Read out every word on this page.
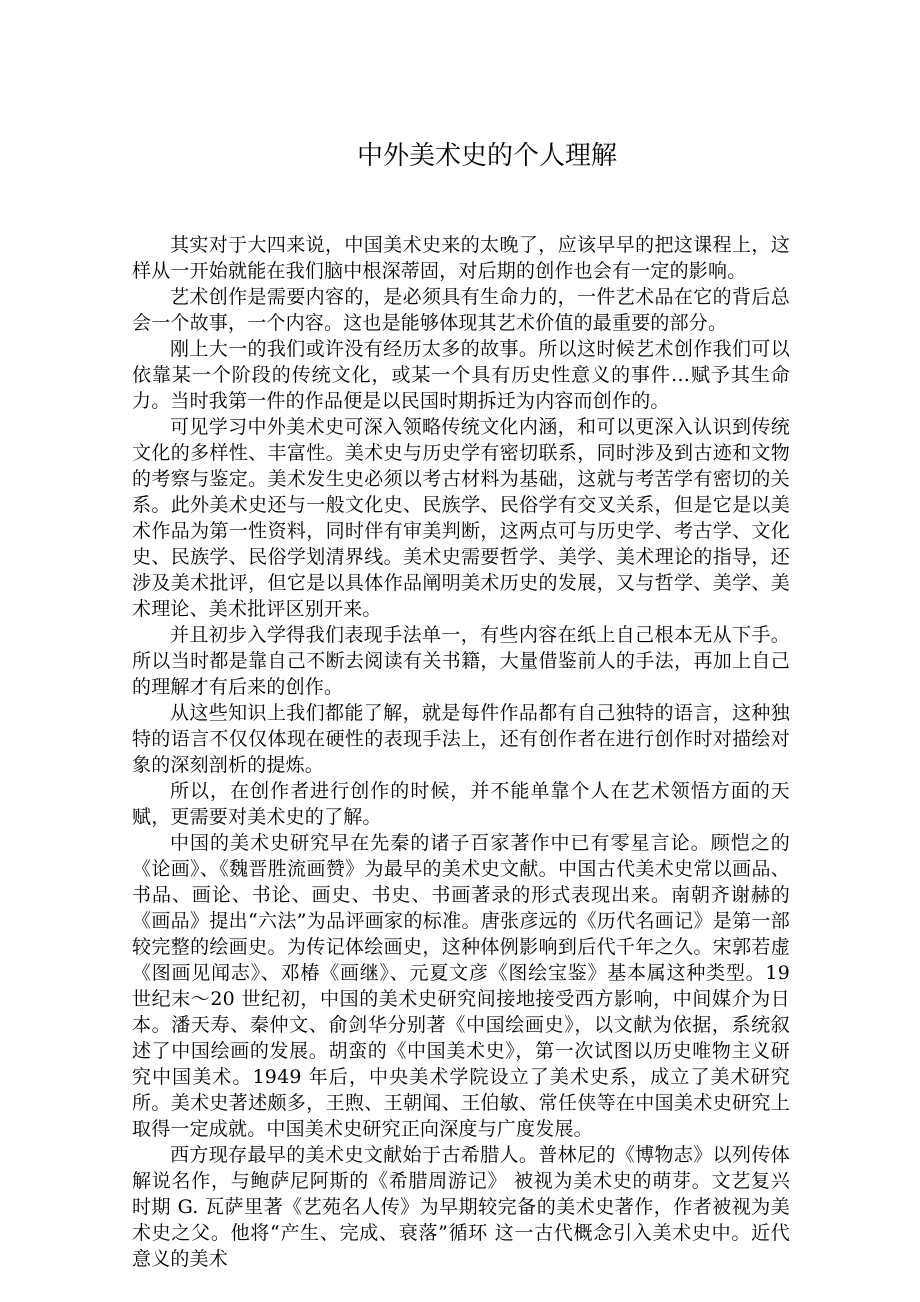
中外美术史的个人理解

其实对于大四来说，中国美术史来的太晚了，应该早早的把这课程上，这样从一开始就能在我们脑中根深蒂固，对后期的创作也会有一定的影响。

艺术创作是需要内容的，是必须具有生命力的，一件艺术品在它的背后总会一个故事，一个内容。这也是能够体现其艺术价值的最重要的部分。

刚上大一的我们或许没有经历太多的故事。所以这时候艺术创作我们可以依靠某一个阶段的传统文化，或某一个具有历史性意义的事件…赋予其生命力。当时我第一件的作品便是以民国时期拆迁为内容而创作的。

可见学习中外美术史可深入领略传统文化内涵，和可以更深入认识到传统文化的多样性、丰富性。美术史与历史学有密切联系，同时涉及到古迹和文物的考察与鉴定。美术发生史必须以考古材料为基础，这就与考苦学有密切的关系。此外美术史还与一般文化史、民族学、民俗学有交叉关系，但是它是以美术作品为第一性资料，同时伴有审美判断，这两点可与历史学、考古学、文化史、民族学、民俗学划清界线。美术史需要哲学、美学、美术理论的指导，还涉及美术批评，但它是以具体作品阐明美术历史的发展，又与哲学、美学、美术理论、美术批评区别开来。

并且初步入学得我们表现手法单一，有些内容在纸上自己根本无从下手。所以当时都是靠自己不断去阅读有关书籍，大量借鉴前人的手法，再加上自己的理解才有后来的创作。

从这些知识上我们都能了解，就是每件作品都有自己独特的语言，这种独特的语言不仅仅体现在硬性的表现手法上，还有创作者在进行创作时对描绘对象的深刻剖析的提炼。

所以，在创作者进行创作的时候，并不能单靠个人在艺术领悟方面的天赋，更需要对美术史的了解。

中国的美术史研究早在先秦的诸子百家著作中已有零星言论。顾恺之的《论画》、《魏晋胜流画赞》为最早的美术史文献。中国古代美术史常以画品、书品、画论、书论、画史、书史、书画著录的形式表现出来。南朝齐谢赫的《画品》提出“六法”为品评画家的标准。唐张彦远的《历代名画记》是第一部较完整的绘画史。为传记体绘画史，这种体例影响到后代千年之久。宋郭若虚《图画见闻志》、邓椿《画继》、元夏文彦《图绘宝鉴》基本属这种类型。19 世纪末～20 世纪初，中国的美术史研究间接地接受西方影响，中间媒介为日本。潘天寿、秦仲文、俞剑华分别著《中国绘画史》，以文献为依据，系统叙述了中国绘画的发展。胡蛮的《中国美术史》，第一次试图以历史唯物主义研究中国美术。1949 年后，中央美术学院设立了美术史系，成立了美术研究所。美术史著述颇多，王煦、王朝闻、王伯敏、常任侠等在中国美术史研究上取得一定成就。中国美术史研究正向深度与广度发展。

西方现存最早的美术史文献始于古希腊人。普林尼的《博物志》以列传体解说名作，与鲍萨尼阿斯的《希腊周游记》 被视为美术史的萌芽。文艺复兴时期 G. 瓦萨里著《艺苑名人传》为早期较完备的美术史著作，作者被视为美术史之父。他将“产生、完成、衰落”循环 这一古代概念引入美术史中。近代意义的美术
